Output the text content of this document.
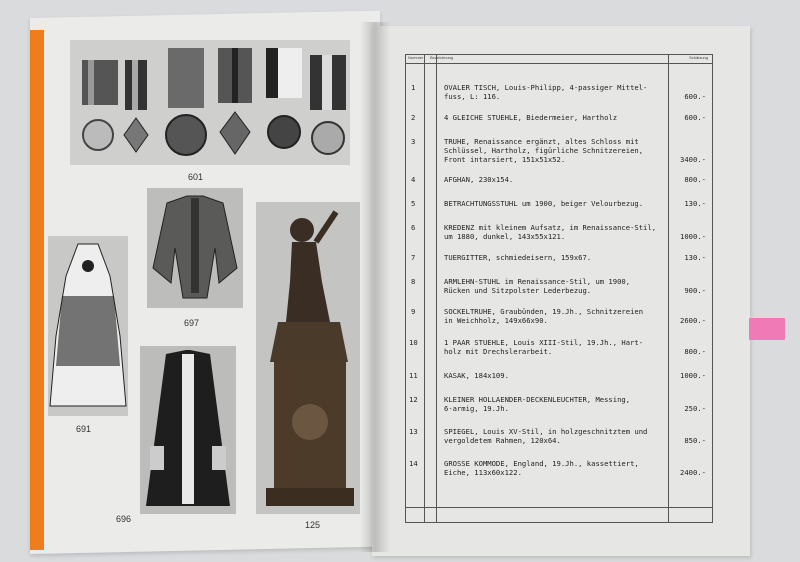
601
697
691
696
125
Nummer Bezeichnung	Schätzung
1	OVALER TISCH, Louis-Philipp, 4-passiger Mittel-
fuss, L: 116.	600.-
2	4 GLEICHE STUEHLE, Biedermeier, Hartholz	600.-
3	TRUHE, Renaissance ergänzt, altes Schloss mit
Schlüssel, Hartholz, figürliche Schnitzereien,
Front intarsiert, 151x51x52.	3400.-
4	AFGHAN, 230x154.	800.-
5	BETRACHTUNGSSTUHL um 1900, beiger Velourbezug.	130.-
6	KREDENZ mit kleinem Aufsatz, im Renaissance-Stil,
um 1880, dunkel, 143x55x121.	1000.-
7	TUERGITTER, schmiedeisern, 159x67.	130.-
8	ARMLEHN-STUHL im Renaissance-Stil, um 1900,
Rücken und Sitzpolster Lederbezug.	900.-
9	SOCKELTRUHE, Graubünden, 19.Jh., Schnitzereien
in Weichholz, 149x66x90.	2600.-
10	1 PAAR STUEHLE, Louis XIII-Stil, 19.Jh., Hart-
holz mit Drechslerarbeit.	800.-
11	KASAK, 184x109.	1000.-
12	KLEINER HOLLAENDER-DECKENLEUCHTER, Messing,
6-armig, 19.Jh.	250.-
13	SPIEGEL, Louis XV-Stil, in holzgeschnitztem und
vergoldetem Rahmen, 120x64.	850.-
14	GROSSE KOMMODE, England, 19.Jh., kassettiert,
Eiche, 113x60x122.	2400.-
